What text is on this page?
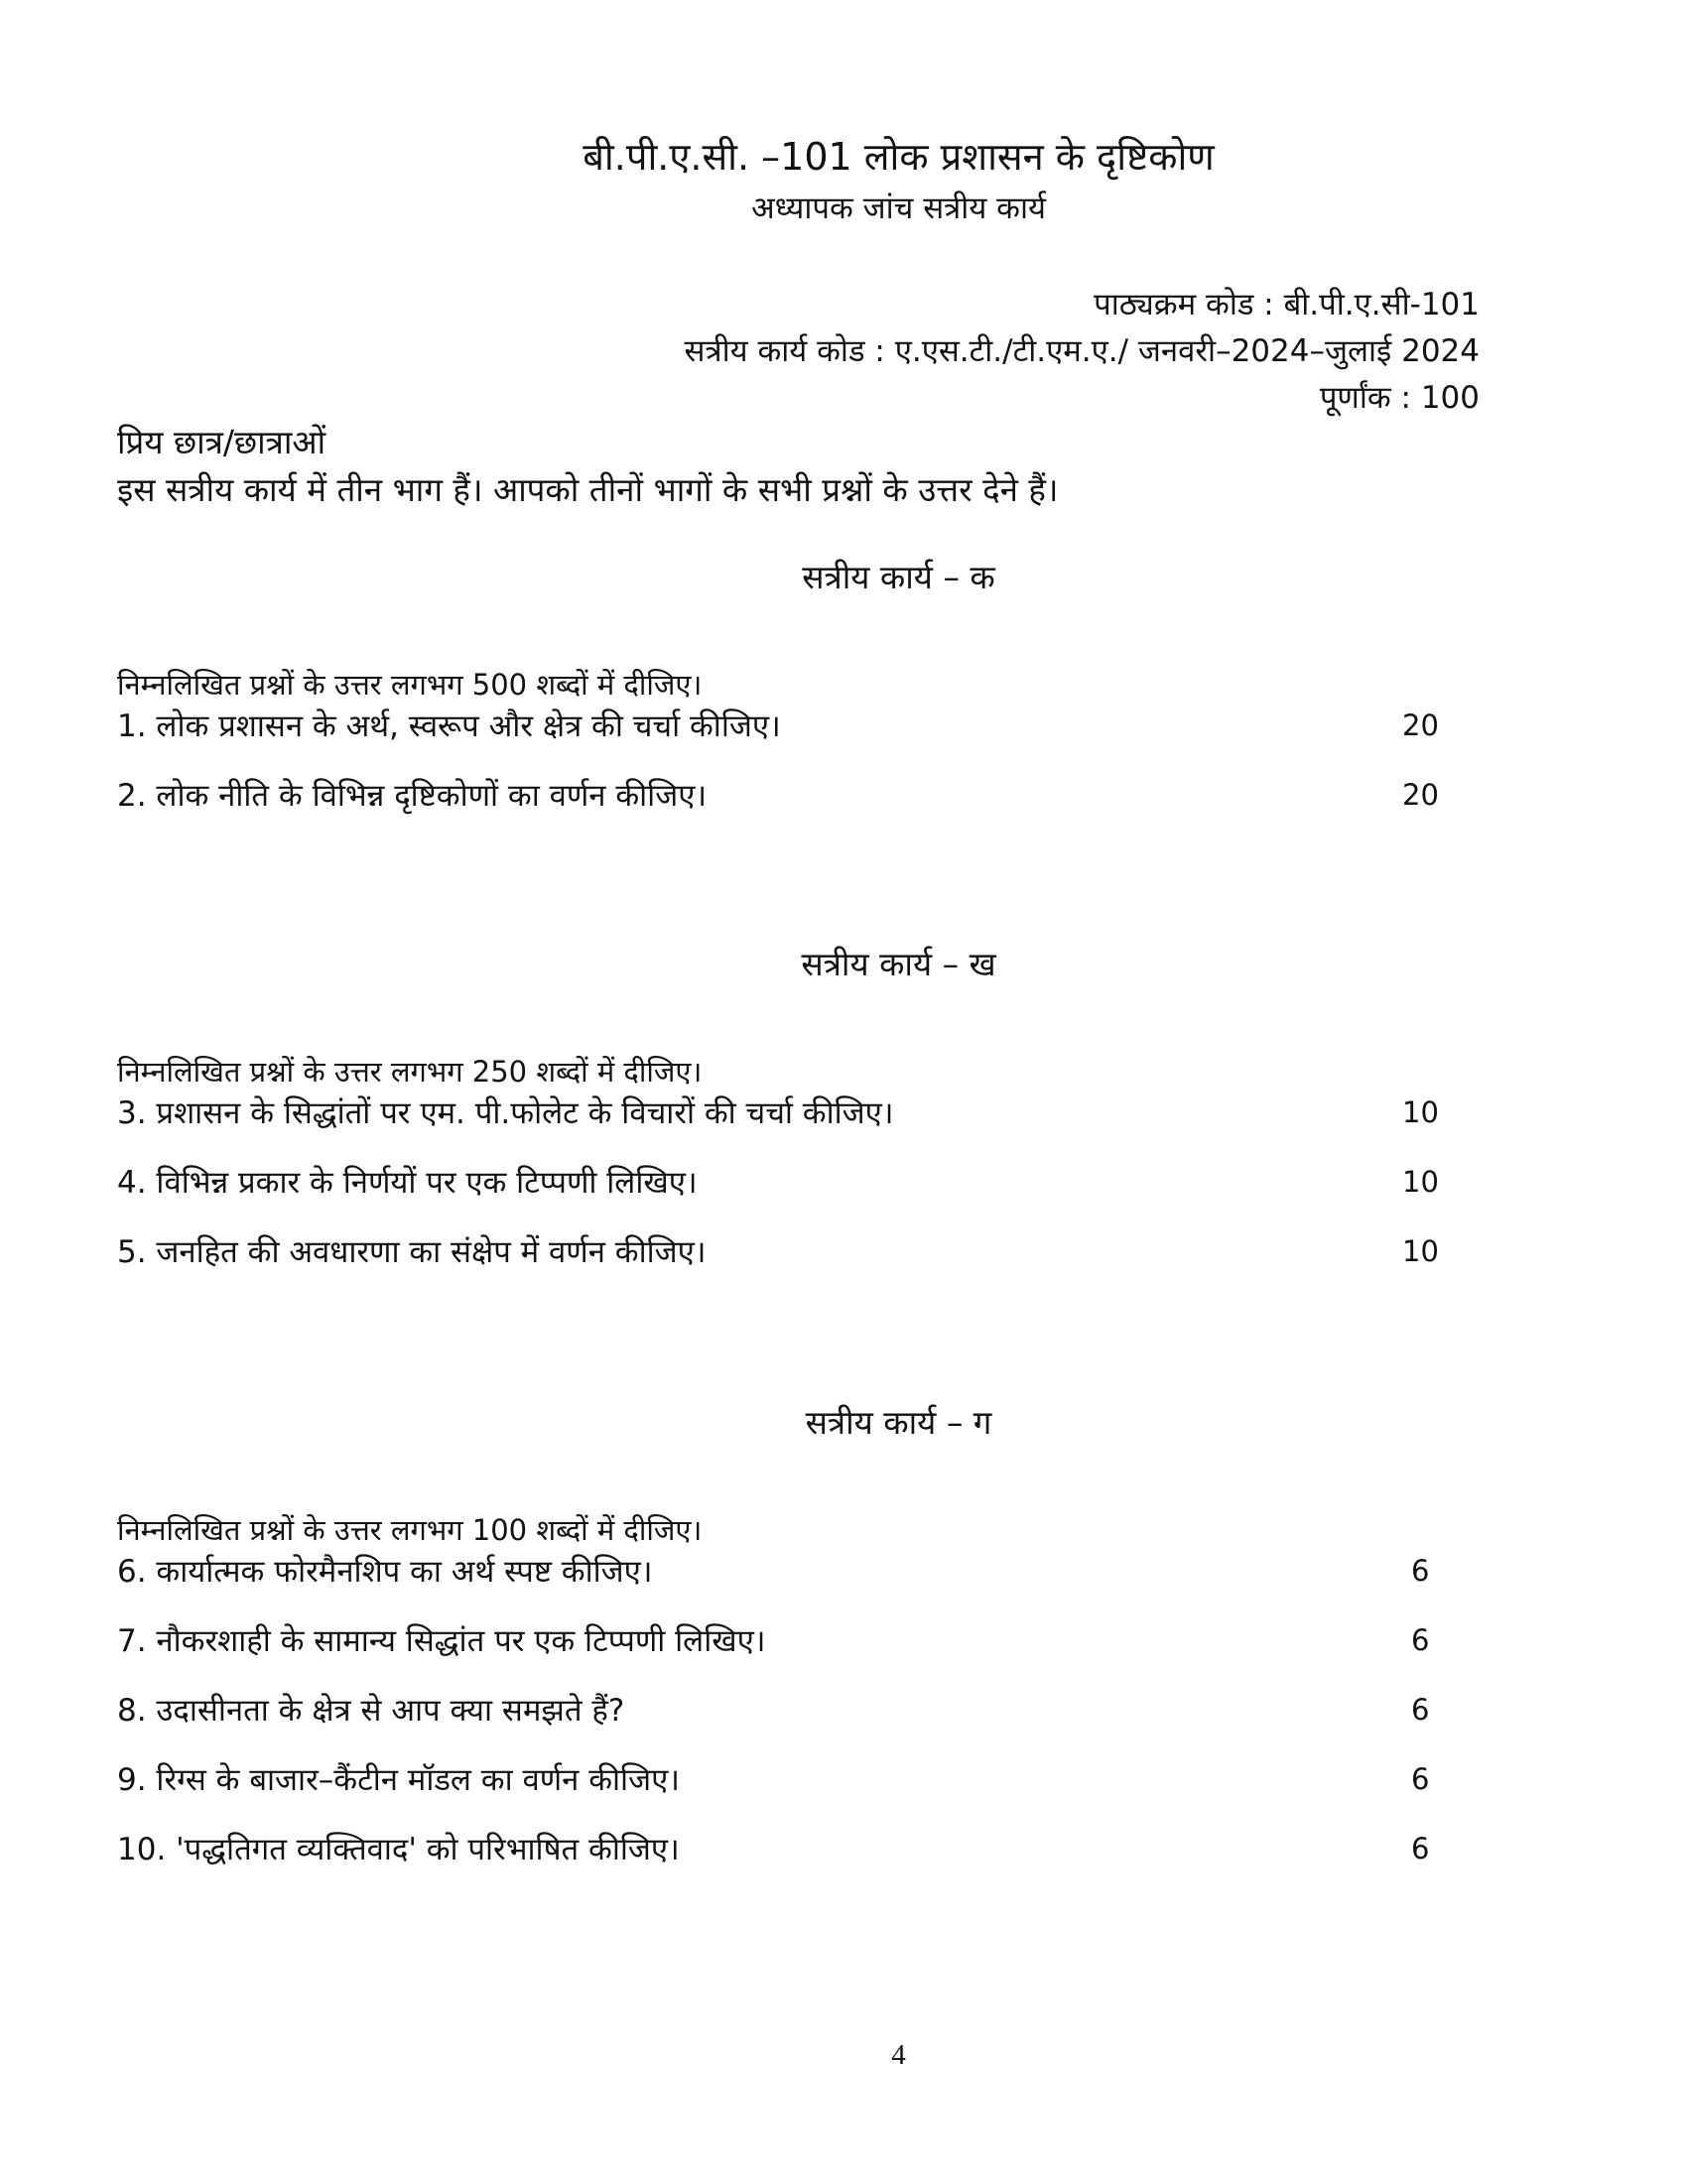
बी.पी.ए.सी. –101 लोक प्रशासन के दृष्टिकोण
अध्यापक जांच सत्रीय कार्य
पाठ्यक्रम कोड : बी.पी.ए.सी-101
सत्रीय कार्य कोड : ए.एस.टी./टी.एम.ए./ जनवरी–2024–जुलाई 2024
पूर्णांक : 100
प्रिय छात्र/छात्राओं
इस सत्रीय कार्य में तीन भाग हैं। आपको तीनों भागों के सभी प्रश्नों के उत्तर देने हैं।
सत्रीय कार्य – क
निम्नलिखित प्रश्नों के उत्तर लगभग 500 शब्दों में दीजिए।
1. लोक प्रशासन के अर्थ, स्वरूप और क्षेत्र की चर्चा कीजिए।	20
2. लोक नीति के विभिन्न दृष्टिकोणों का वर्णन कीजिए।	20
सत्रीय कार्य – ख
निम्नलिखित प्रश्नों के उत्तर लगभग 250 शब्दों में दीजिए।
3. प्रशासन के सिद्धांतों पर एम. पी.फोलेट के विचारों की चर्चा कीजिए।	10
4. विभिन्न प्रकार के निर्णयों पर एक टिप्पणी लिखिए।	10
5. जनहित की अवधारणा का संक्षेप में वर्णन कीजिए।	10
सत्रीय कार्य – ग
निम्नलिखित प्रश्नों के उत्तर लगभग 100 शब्दों में दीजिए।
6. कार्यात्मक फोरमैनशिप का अर्थ स्पष्ट कीजिए।	6
7. नौकरशाही के सामान्य सिद्धांत पर एक टिप्पणी लिखिए।	6
8. उदासीनता के क्षेत्र से आप क्या समझते हैं?	6
9. रिग्स के बाजार–कैंटीन मॉडल का वर्णन कीजिए।	6
10. 'पद्धतिगत व्यक्तिवाद' को परिभाषित कीजिए।	6
4
